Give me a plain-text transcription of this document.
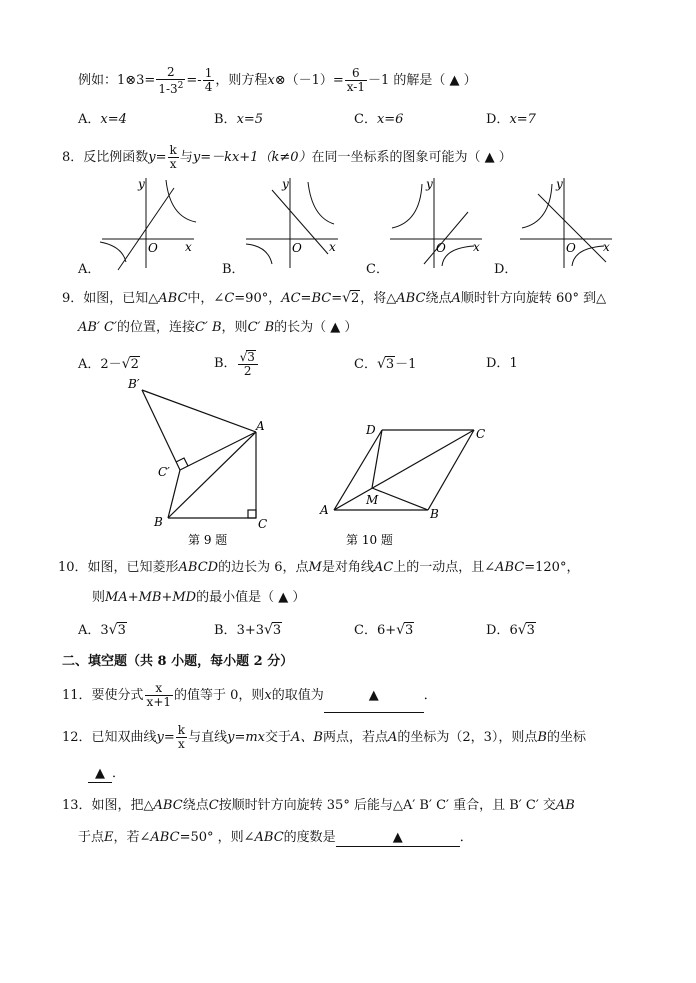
例如：1⊗3= $\frac{2}{1-3^2} =- \frac{1}{4}$ ，则方程x⊗（－1）= $\frac{6}{x-1} -1$ 的解是（ ▲ ）
A．x=4	B．x=5	C．x=6	D．x=7
8．反比例函数$y= \frac{k}{x}$ 与y=－kx+1（k≠0）在同一坐标系的图象可能为（ ▲ ）
y
x
O
y
x
O
y
x
O
y
x
O
A．	B．	C．	D．
9．如图，已知△ABC中，∠C=90°，AC=BC=√2，将△ABC绕点A顺时针方向旋转 60° 到△
AB′ C′的位置，连接C′ B，则C′ B的长为（ ▲ ）
A．2－√2	B． $\frac{√3}{2}$	C．√3－1	D．1
B′
A
C′
B	C
第 9 题
D	C
M
A	B
第 10 题
10．如图，已知菱形ABCD的边长为 6，点M是对角线AC上的一动点，且∠ABC=120°，
则MA+MB+MD的最小值是（ ▲ ）
A．3√3	B．3+3√3	C．6+√3	D．6√3
二、填空题（共 8 小题，每小题 2 分）
11．要使分式 $\frac{x}{x+1}$ 的值等于 0，则x的取值为	▲	．
12．已知双曲线$y= \frac{k}{x}$ 与直线y=mx交于A、B两点，若点A的坐标为（2，3），则点B的坐标
▲ ．
13．如图，把△ABC绕点C按顺时针方向旋转 35° 后能与△A′ B′ C′ 重合，且 B′ C′ 交AB
于点E，若∠ABC=50° ，则∠ABC的度数是	▲	．
